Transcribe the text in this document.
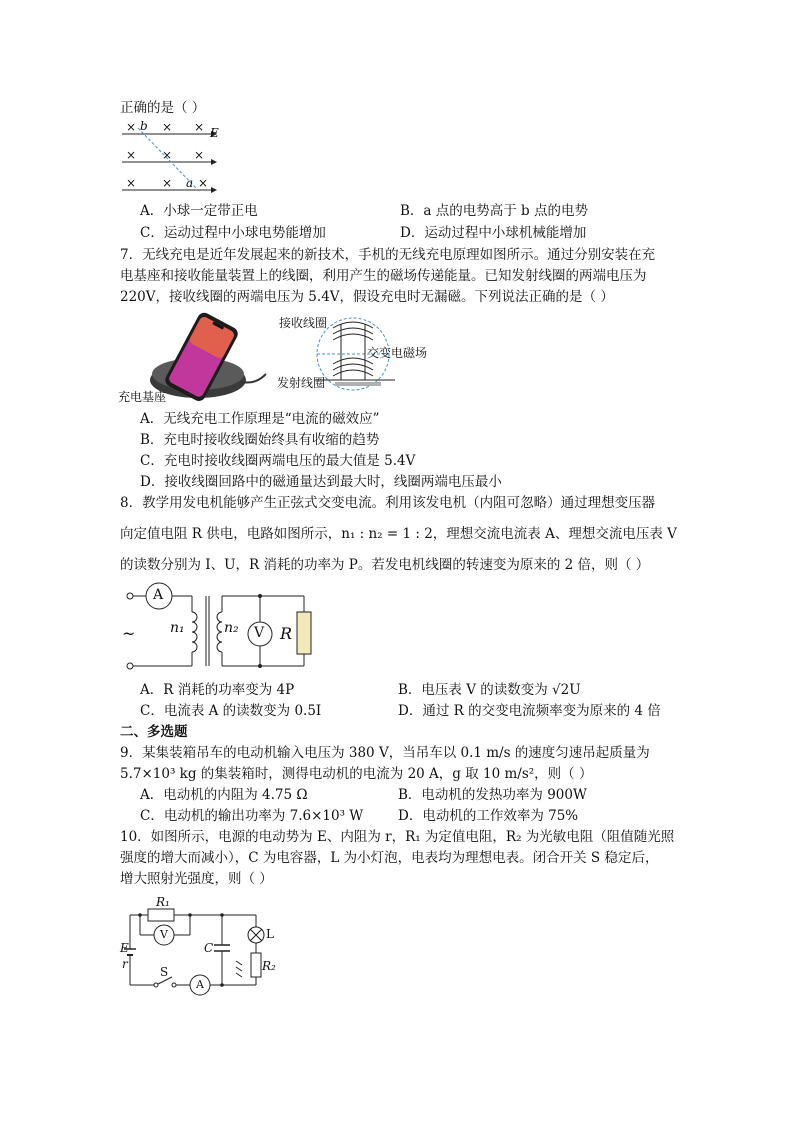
正确的是（ ）
× × ×
× × ×
× × ×
b
a
E
A．小球一定带正电	B．a 点的电势高于 b 点的电势
C．运动过程中小球电势能增加	D．运动过程中小球机械能增加
7．无线充电是近年发展起来的新技术，手机的无线充电原理如图所示。通过分别安装在充
电基座和接收能量装置上的线圈，利用产生的磁场传递能量。已知发射线圈的两端电压为
220V，接收线圈的两端电压为 5.4V，假设充电时无漏磁。下列说法正确的是（ ）
充电基座
接收线圈
交变电磁场
发射线圈
A．无线充电工作原理是“电流的磁效应”
B．充电时接收线圈始终具有收缩的趋势
C．充电时接收线圈两端电压的最大值是 5.4V
D．接收线圈回路中的磁通量达到最大时，线圈两端电压最小
8．教学用发电机能够产生正弦式交变电流。利用该发电机（内阻可忽略）通过理想变压器
向定值电阻 R 供电，电路如图所示，n₁ : n₂ = 1 : 2，理想交流电流表 A、理想交流电压表 V
的读数分别为 I、U，R 消耗的功率为 P。若发电机线圈的转速变为原来的 2 倍，则（ ）
A
V R
n₁	n₂
~
A．R 消耗的功率变为 4P	B．电压表 V 的读数变为 √2U
C．电流表 A 的读数变为 0.5I	D．通过 R 的交变电流频率变为原来的 4 倍
二、多选题
9．某集装箱吊车的电动机输入电压为 380 V，当吊车以 0.1 m/s 的速度匀速吊起质量为
5.7×10³ kg 的集装箱时，测得电动机的电流为 20 A，g 取 10 m/s²，则（ ）
A．电动机的内阻为 4.75 Ω	B．电动机的发热功率为 900W
C．电动机的输出功率为 7.6×10³ W	D．电动机的工作效率为 75%
10．如图所示，电源的电动势为 E、内阻为 r，R₁ 为定值电阻，R₂ 为光敏电阻（阻值随光照
强度的增大而减小），C 为电容器，L 为小灯泡，电表均为理想电表。闭合开关 S 稳定后，
增大照射光强度，则（ ）
R₁
V
A
C
L
R₂
E
r
S
